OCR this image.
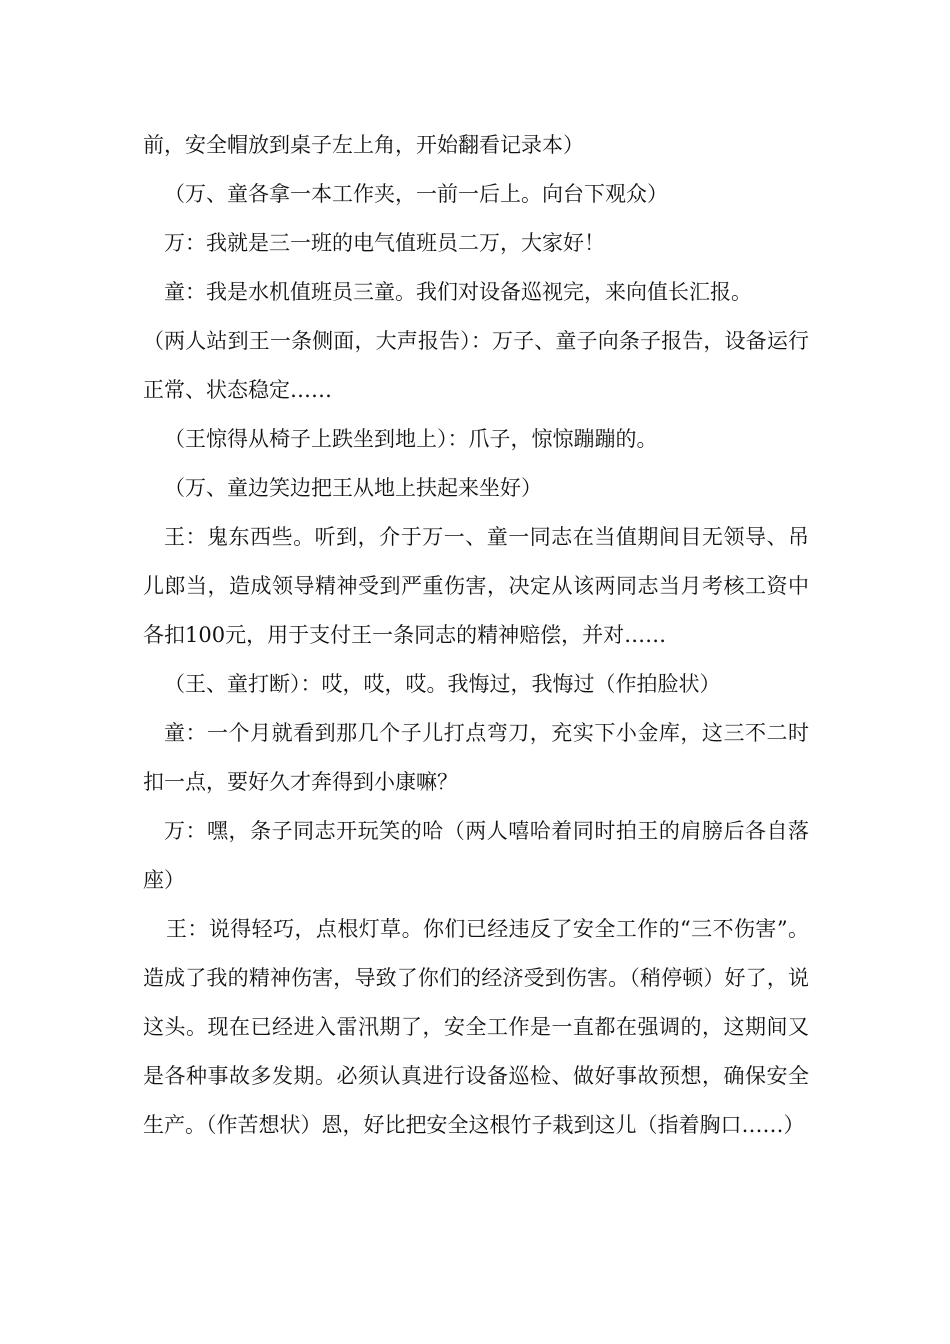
前，安全帽放到桌子左上角，开始翻看记录本）

（万、童各拿一本工作夹，一前一后上。向台下观众）

万：我就是三一班的电气值班员二万，大家好！

童：我是水机值班员三童。我们对设备巡视完，来向值长汇报。

（两人站到王一条侧面，大声报告）：万子、童子向条子报告，设备运行正常、状态稳定……

（王惊得从椅子上跌坐到地上）：爪子，惊惊蹦蹦的。

（万、童边笑边把王从地上扶起来坐好）

王：鬼东西些。听到，介于万一、童一同志在当值期间目无领导、吊儿郎当，造成领导精神受到严重伤害，决定从该两同志当月考核工资中各扣100元，用于支付王一条同志的精神赔偿，并对……

（王、童打断）：哎，哎，哎。我悔过，我悔过（作拍脸状）

童：一个月就看到那几个子儿打点弯刀，充实下小金库，这三不二时扣一点，要好久才奔得到小康嘛？

万：嘿，条子同志开玩笑的哈（两人嘻哈着同时拍王的肩膀后各自落座）

王：说得轻巧，点根灯草。你们已经违反了安全工作的“三不伤害”。造成了我的精神伤害，导致了你们的经济受到伤害。（稍停顿）好了，说这头。现在已经进入雷汛期了，安全工作是一直都在强调的，这期间又是各种事故多发期。必须认真进行设备巡检、做好事故预想，确保安全生产。（作苦想状）恩，好比把安全这根竹子栽到这儿（指着胸口……）
